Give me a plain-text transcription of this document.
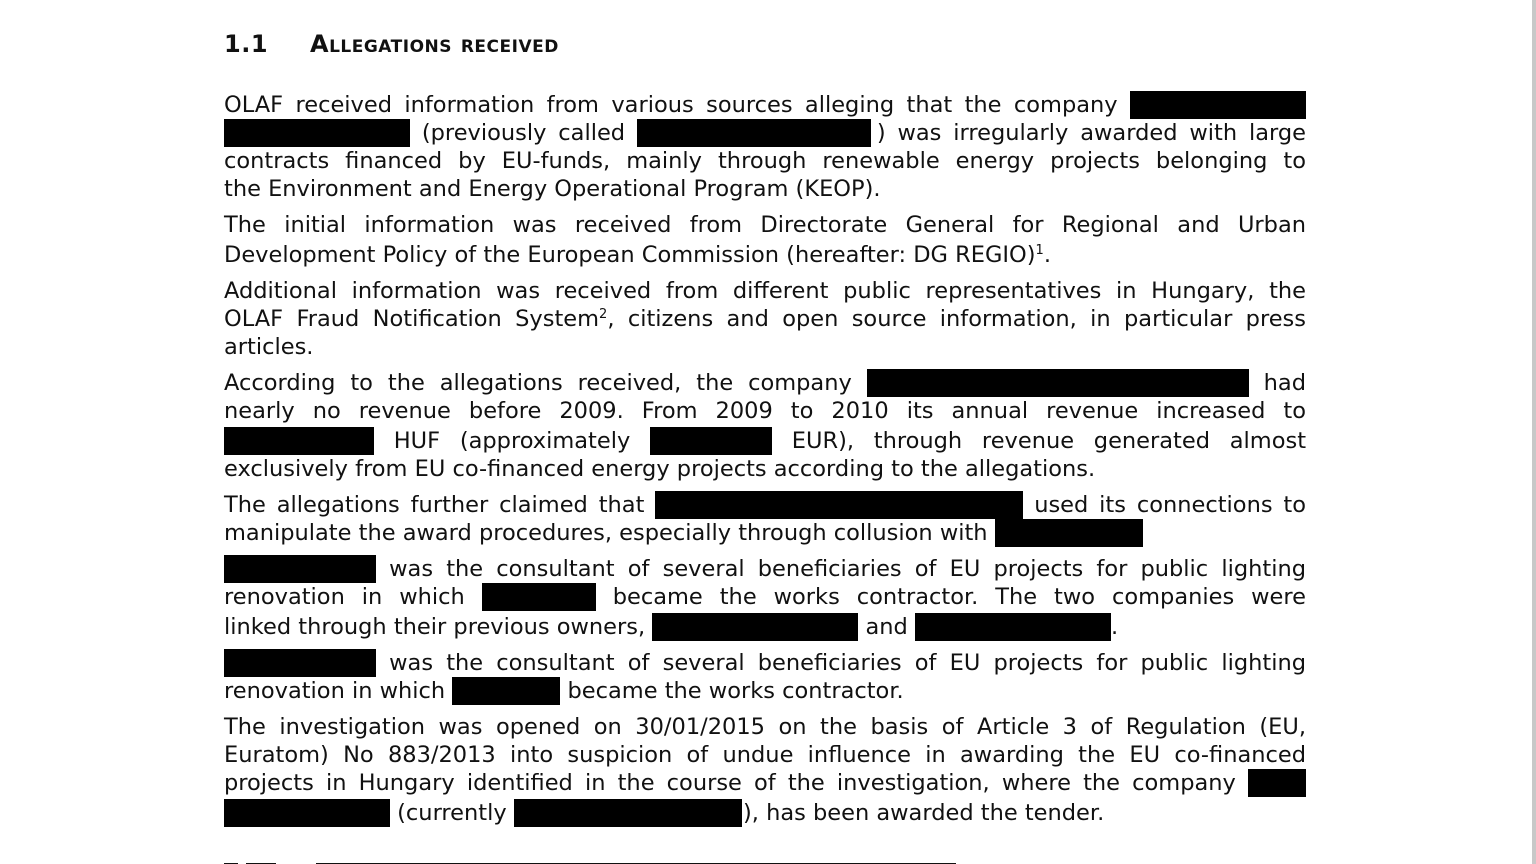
1.1 Allegations received
OLAF received information from various sources alleging that the company
(previously called	) was irregularly awarded with large
contracts financed by EU-funds, mainly through renewable energy projects belonging to
the Environment and Energy Operational Program (KEOP).
The initial information was received from Directorate General for Regional and Urban
Development Policy of the European Commission (hereafter: DG REGIO)$^1$.
Additional information was received from different public representatives in Hungary, the
OLAF Fraud Notification System$^2$, citizens and open source information, in particular press
articles.
According to the allegations received, the company	had
nearly no revenue before 2009. From 2009 to 2010 its annual revenue increased to
HUF (approximately	EUR), through revenue generated almost
exclusively from EU co-financed energy projects according to the allegations.
The allegations further claimed that	used its connections to
manipulate the award procedures, especially through collusion with
was the consultant of several beneficiaries of EU projects for public lighting
renovation in which	became the works contractor. The two companies were
linked through their previous owners,	and	.
was the consultant of several beneficiaries of EU projects for public lighting
renovation in which	became the works contractor.
The investigation was opened on 30/01/2015 on the basis of Article 3 of Regulation (EU,
Euratom) No 883/2013 into suspicion of undue influence in awarding the EU co-financed
projects in Hungary identified in the course of the investigation, where the company
(currently	), has been awarded the tender.
